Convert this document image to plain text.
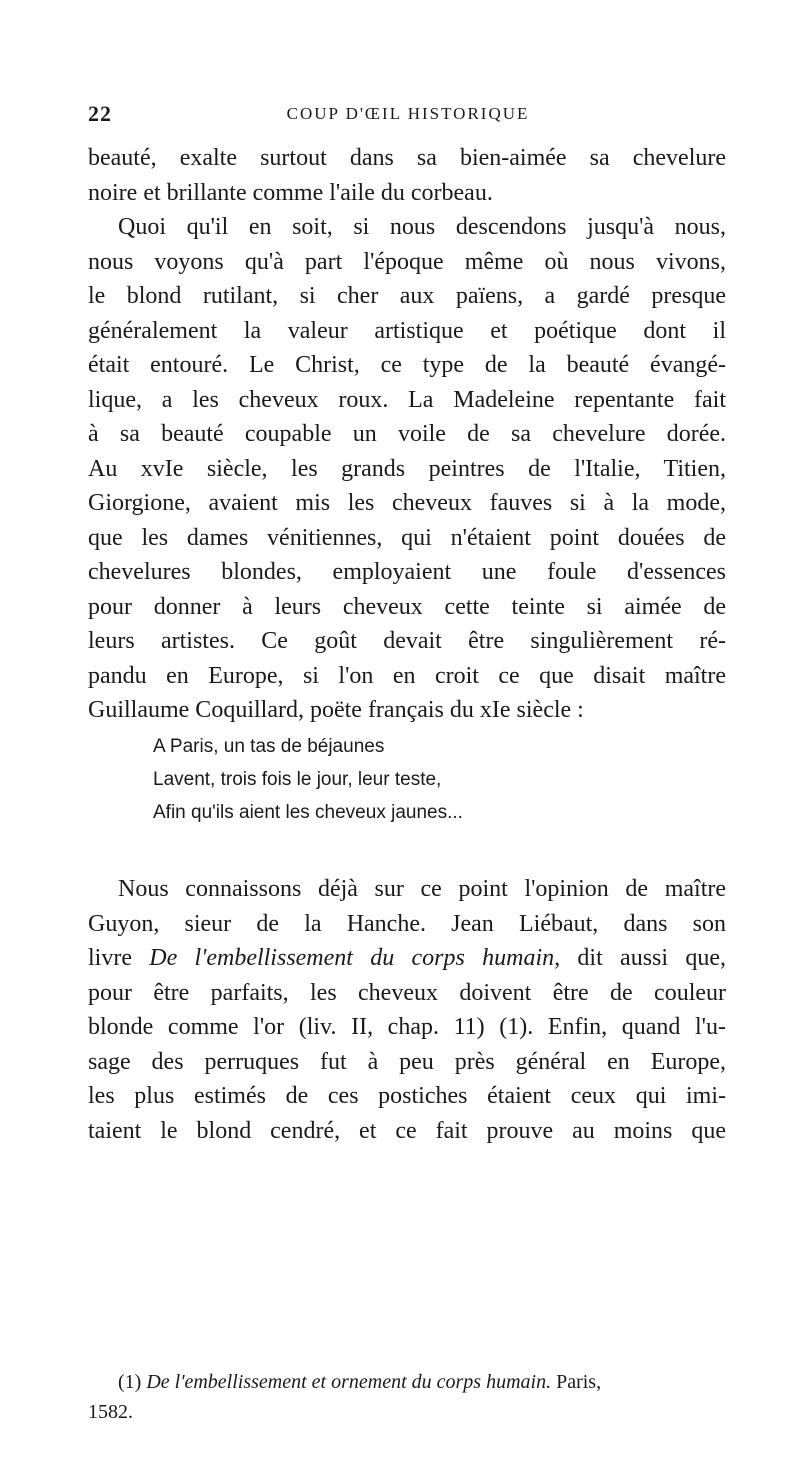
22	COUP D'ŒIL HISTORIQUE
beauté, exalte surtout dans sa bien-aimée sa chevelure
noire et brillante comme l'aile du corbeau.
Quoi qu'il en soit, si nous descendons jusqu'à nous,
nous voyons qu'à part l'époque même où nous vivons,
le blond rutilant, si cher aux païens, a gardé presque
généralement la valeur artistique et poétique dont il
était entouré. Le Christ, ce type de la beauté évangé-
lique, a les cheveux roux. La Madeleine repentante fait
à sa beauté coupable un voile de sa chevelure dorée.
Au xvIe siècle, les grands peintres de l'Italie, Titien,
Giorgione, avaient mis les cheveux fauves si à la mode,
que les dames vénitiennes, qui n'étaient point douées de
chevelures blondes, employaient une foule d'essences
pour donner à leurs cheveux cette teinte si aimée de
leurs artistes. Ce goût devait être singulièrement ré-
pandu en Europe, si l'on en croit ce que disait maître
Guillaume Coquillard, poëte français du xIe siècle :
A Paris, un tas de béjaunes
Lavent, trois fois le jour, leur teste,
Afin qu'ils aient les cheveux jaunes...
Nous connaissons déjà sur ce point l'opinion de maître
Guyon, sieur de la Hanche. Jean Liébaut, dans son
livre De l'embellissement du corps humain, dit aussi que,
pour être parfaits, les cheveux doivent être de couleur
blonde comme l'or (liv. II, chap. 11) (1). Enfin, quand l'u-
sage des perruques fut à peu près général en Europe,
les plus estimés de ces postiches étaient ceux qui imi-
taient le blond cendré, et ce fait prouve au moins que
(1) De l'embellissement et ornement du corps humain. Paris,
1582.
